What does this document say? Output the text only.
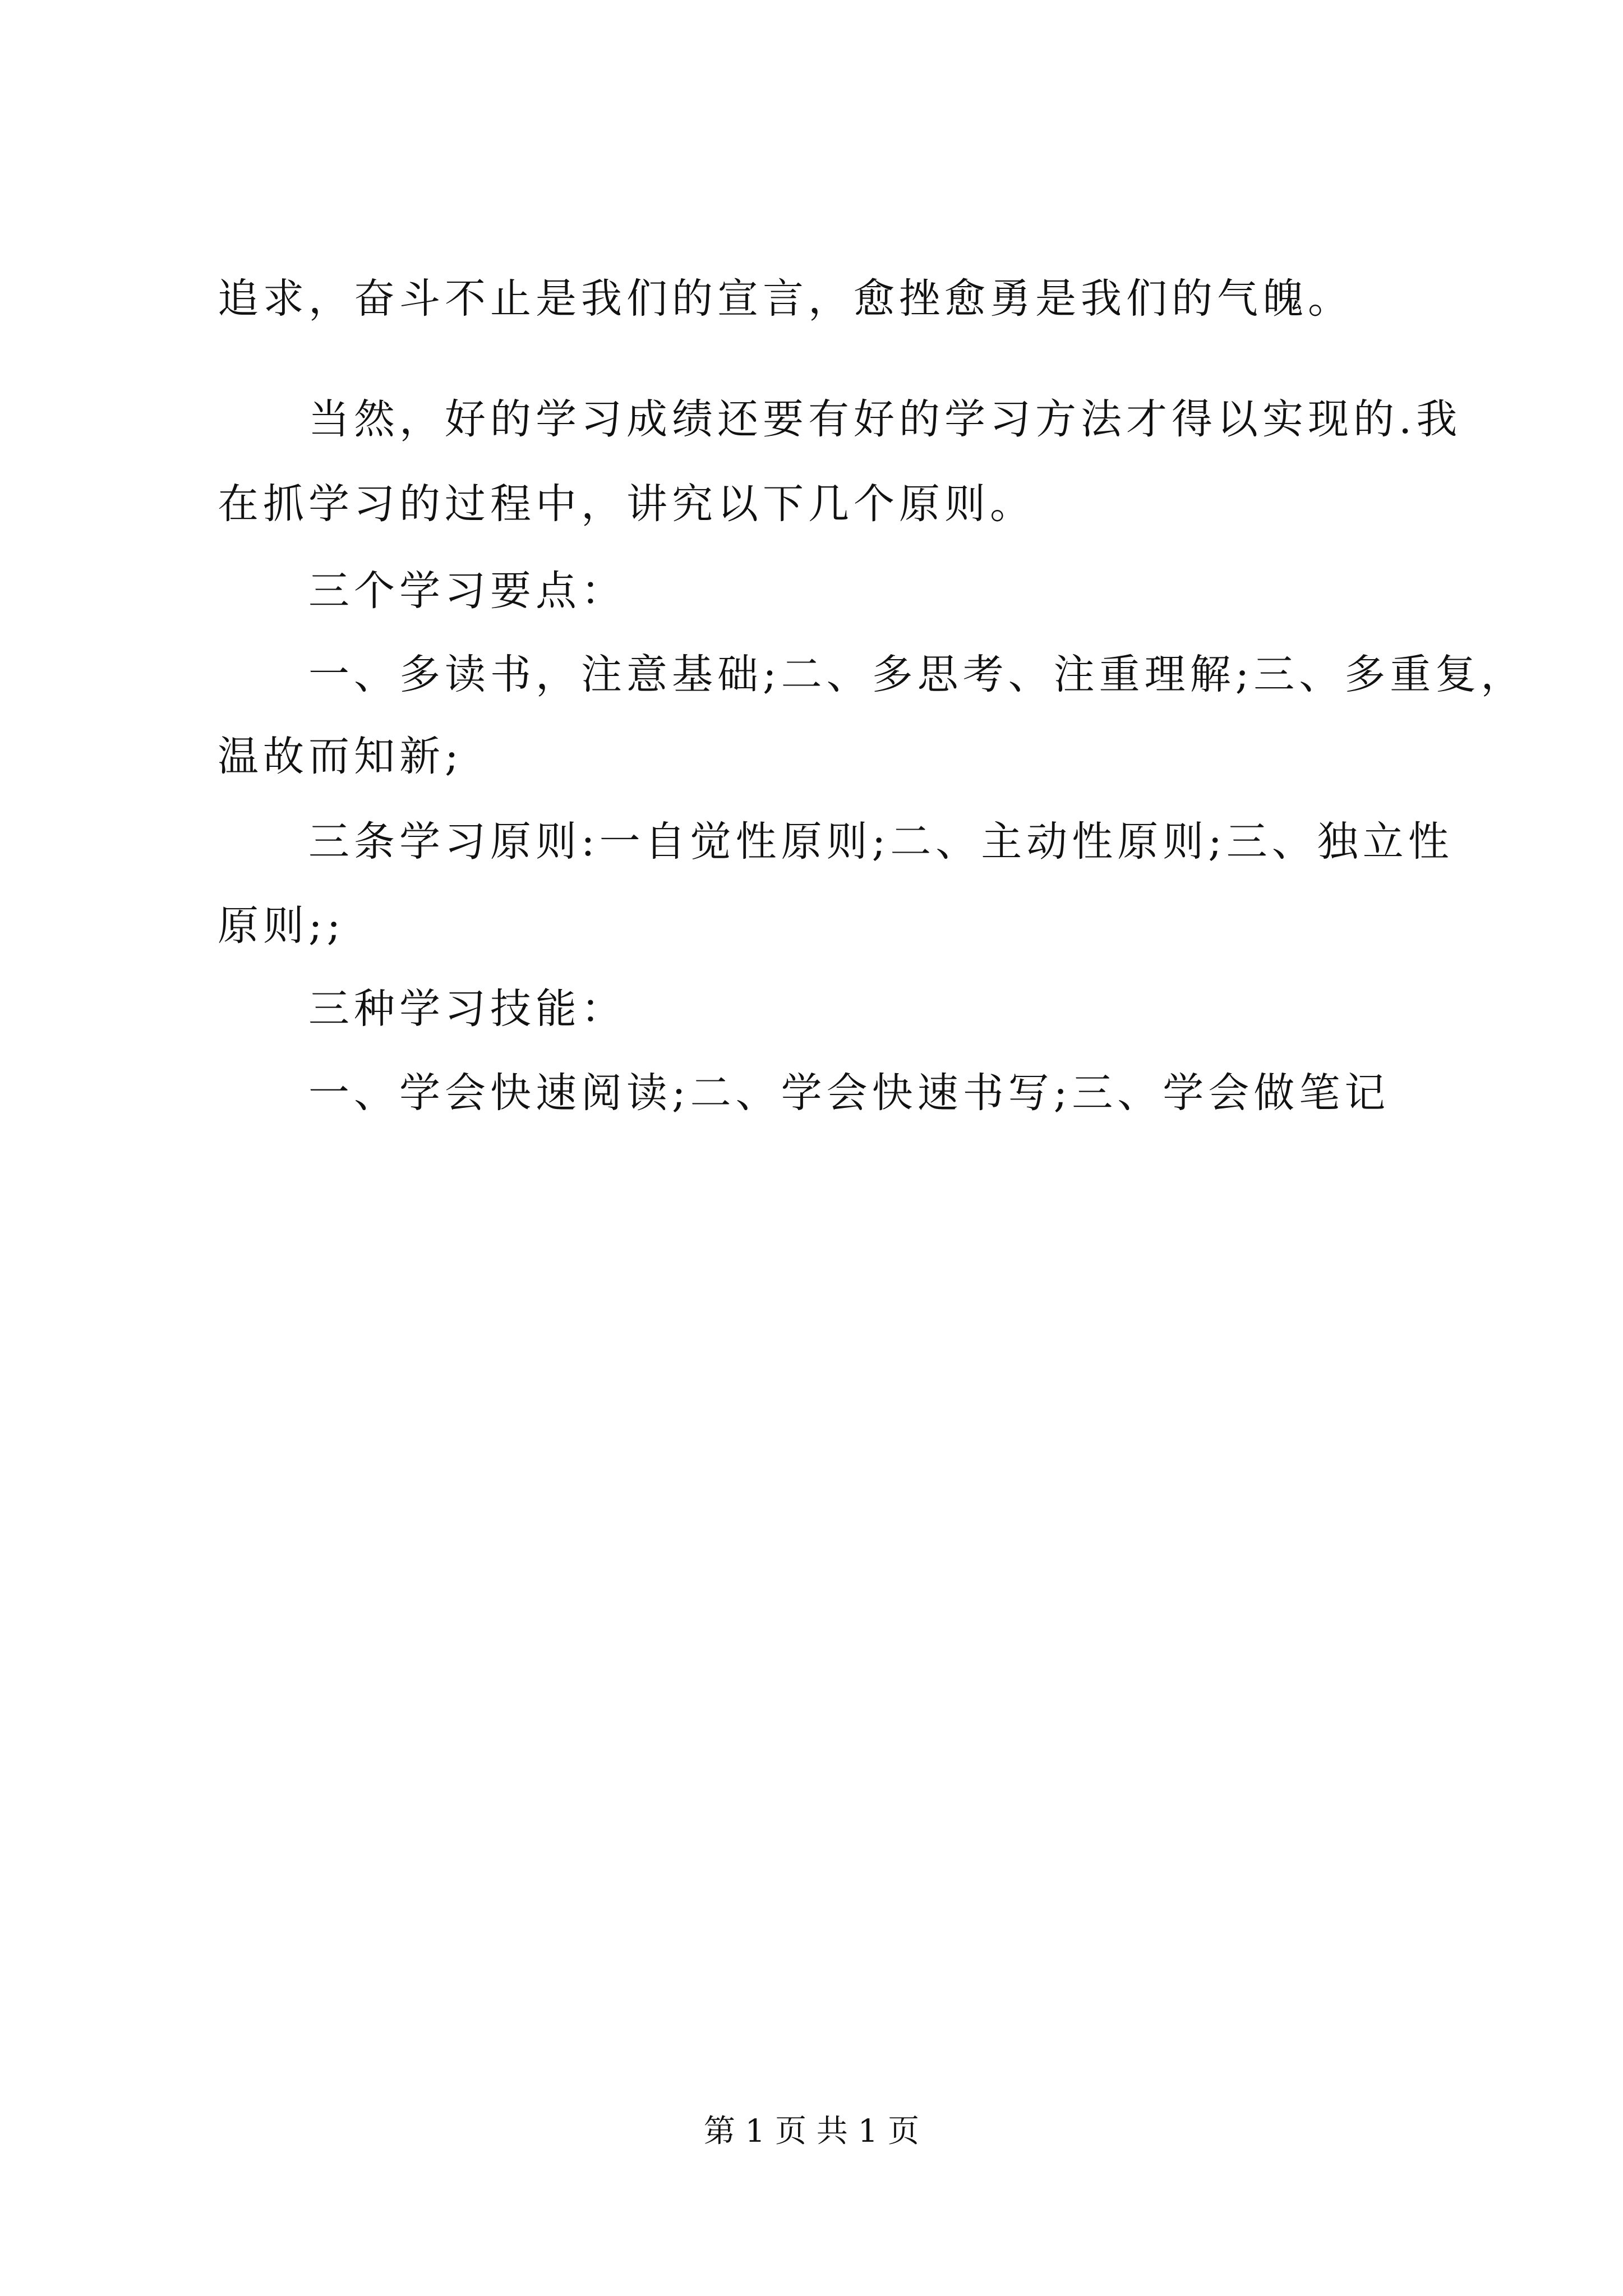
追求，奋斗不止是我们的宣言，愈挫愈勇是我们的气魄。
当然，好的学习成绩还要有好的学习方法才得以实现的.我
在抓学习的过程中，讲究以下几个原则。
三个学习要点：
一、多读书，注意基础;二、多思考、注重理解;三、多重复，
温故而知新;
三条学习原则:一自觉性原则;二、主动性原则;三、独立性
原则;;
三种学习技能：
一、学会快速阅读;二、学会快速书写;三、学会做笔记
第 1 页 共 1 页
